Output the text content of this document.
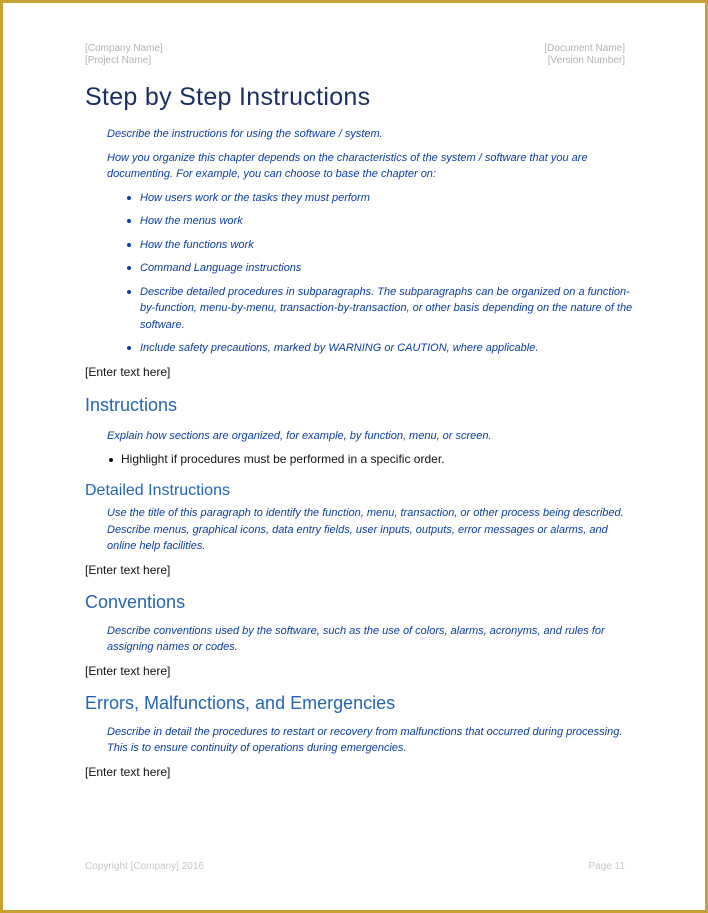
[Company Name]
[Project Name]
[Document Name]
[Version Number]
Step by Step Instructions

Describe the instructions for using the software / system.

How you organize this chapter depends on the characteristics of the system / software that you are documenting. For example, you can choose to base the chapter on:

How users work or the tasks they must perform
How the menus work
How the functions work
Command Language instructions
Describe detailed procedures in subparagraphs. The subparagraphs can be organized on a function-by-function, menu-by-menu, transaction-by-transaction, or other basis depending on the nature of the software.
Include safety precautions, marked by WARNING or CAUTION, where applicable.

[Enter text here]

Instructions

Explain how sections are organized, for example, by function, menu, or screen.

Highlight if procedures must be performed in a specific order.

Detailed Instructions

Use the title of this paragraph to identify the function, menu, transaction, or other process being described. Describe menus, graphical icons, data entry fields, user inputs, outputs, error messages or alarms, and online help facilities.

[Enter text here]

Conventions

Describe conventions used by the software, such as the use of colors, alarms, acronyms, and rules for assigning names or codes.

[Enter text here]

Errors, Malfunctions, and Emergencies

Describe in detail the procedures to restart or recovery from malfunctions that occurred during processing. This is to ensure continuity of operations during emergencies.

[Enter text here]

Copyright [Company] 2016	Page 11
